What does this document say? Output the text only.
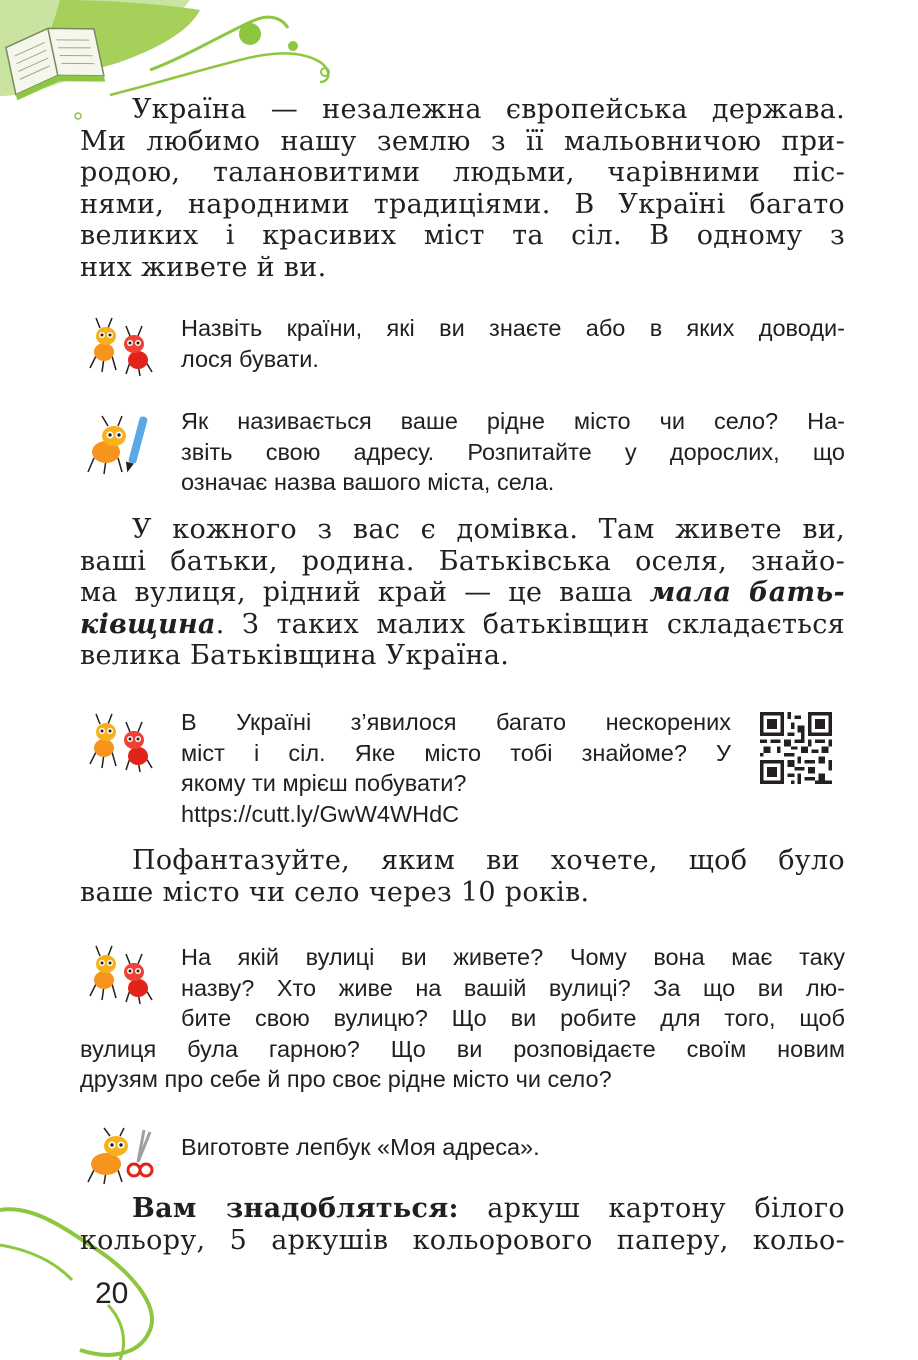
Україна — незалежна європейська держава.
Ми любимо нашу землю з її мальовничою при-
родою, талановитими людьми, чарівними піс-
нями, народними традиціями. В Україні багато
великих і красивих міст та сіл. В одному з
них живете й ви.
Назвіть країни, які ви знаєте або в яких доводи-
лося бувати.
Як називається ваше рідне місто чи село? На-
звіть свою адресу. Розпитайте у дорослих, що
означає назва вашого міста, села.
У кожного з вас є домівка. Там живете ви,
ваші батьки, родина. Батьківська оселя, знайо-
ма вулиця, рідний край — це ваша мала бать-
ківщина. З таких малих батьківщин складається
велика Батьківщина Україна.
В Україні з’явилося багато нескорених
міст і сіл. Яке місто тобі знайоме? У
якому ти мрієш побувати?
https://cutt.ly/GwW4WHdC
Пофантазуйте, яким ви хочете, щоб було
ваше місто чи село через 10 років.
На якій вулиці ви живете? Чому вона має таку
назву? Хто живе на вашій вулиці? За що ви лю-
бите свою вулицю? Що ви робите для того, щоб
вулиця була гарною? Що ви розповідаєте своїм новим
друзям про себе й про своє рідне місто чи село?
Виготовте лепбук «Моя адреса».
Вам знадобляться: аркуш картону білого
кольору, 5 аркушів кольорового паперу, кольо-
20
